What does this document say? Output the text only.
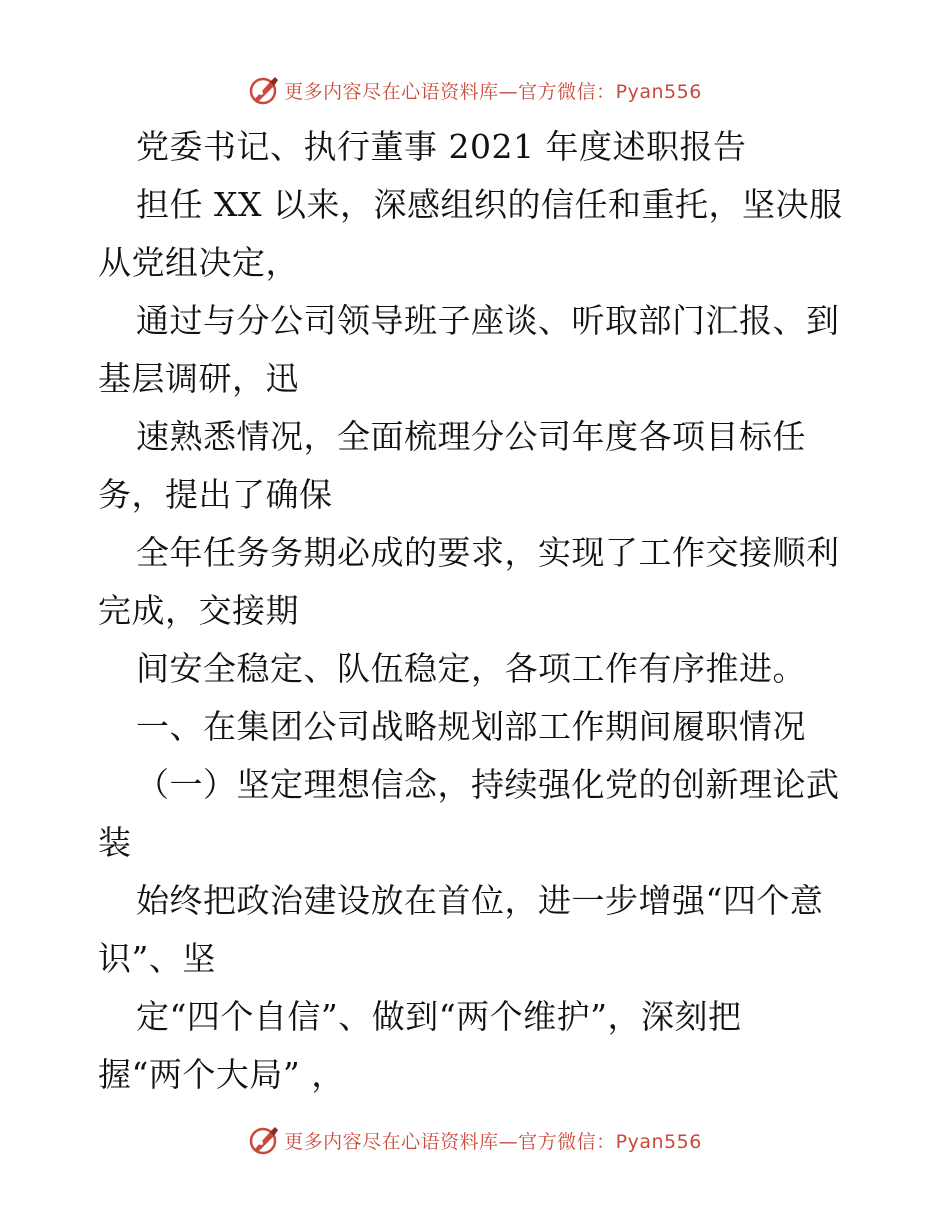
更多内容尽在心语资料库—官方微信：Pyan556
党委书记、执行董事 2021 年度述职报告
担任 XX 以来，深感组织的信任和重托，坚决服
从党组决定，
通过与分公司领导班子座谈、听取部门汇报、到
基层调研，迅
速熟悉情况，全面梳理分公司年度各项目标任
务，提出了确保
全年任务务期必成的要求，实现了工作交接顺利
完成，交接期
间安全稳定、队伍稳定，各项工作有序推进。
一、在集团公司战略规划部工作期间履职情况
（一）坚定理想信念，持续强化党的创新理论武
装
始终把政治建设放在首位，进一步增强“四个意
识”、坚
定“四个自信”、做到“两个维护”，深刻把
握“两个大局” ，
更多内容尽在心语资料库—官方微信：Pyan556
